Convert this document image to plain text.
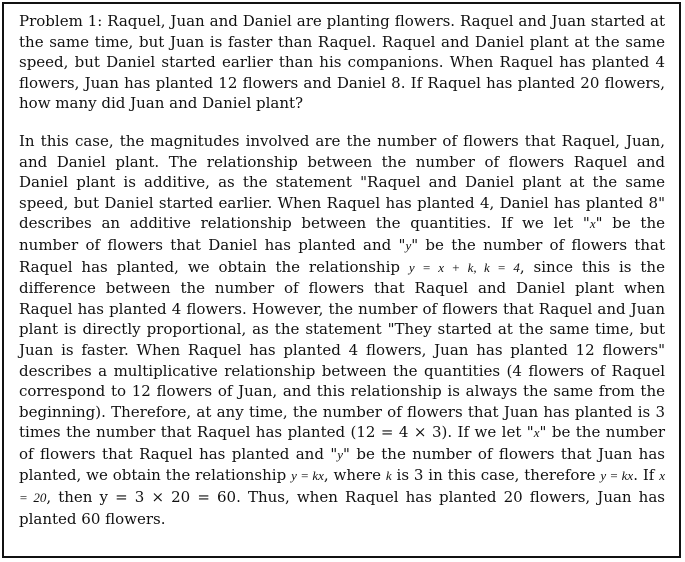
Problem 1: Raquel, Juan and Daniel are planting flowers. Raquel and Juan started at the same time, but Juan is faster than Raquel. Raquel and Daniel plant at the same speed, but Daniel started earlier than his companions. When Raquel has planted 4 flowers, Juan has planted 12 flowers and Daniel 8. If Raquel has planted 20 flowers, how many did Juan and Daniel plant?

In this case, the magnitudes involved are the number of flowers that Raquel, Juan, and Daniel plant. The relationship between the number of flowers Raquel and Daniel plant is additive, as the statement "Raquel and Daniel plant at the same speed, but Daniel started earlier. When Raquel has planted 4, Daniel has planted 8" describes an additive relationship between the quantities. If we let "x" be the number of flowers that Daniel has planted and "y" be the number of flowers that Raquel has planted, we obtain the relationship y = x + k, k = 4, since this is the difference between the number of flowers that Raquel and Daniel plant when Raquel has planted 4 flowers. However, the number of flowers that Raquel and Juan plant is directly proportional, as the statement "They started at the same time, but Juan is faster. When Raquel has planted 4 flowers, Juan has planted 12 flowers" describes a multiplicative relationship between the quantities (4 flowers of Raquel correspond to 12 flowers of Juan, and this relationship is always the same from the beginning). Therefore, at any time, the number of flowers that Juan has planted is 3 times the number that Raquel has planted (12 = 4 × 3). If we let "x" be the number of flowers that Raquel has planted and "y" be the number of flowers that Juan has planted, we obtain the relationship y = kx, where k is 3 in this case, therefore y = kx. If x = 20, then y = 3 × 20 = 60. Thus, when Raquel has planted 20 flowers, Juan has planted 60 flowers.
